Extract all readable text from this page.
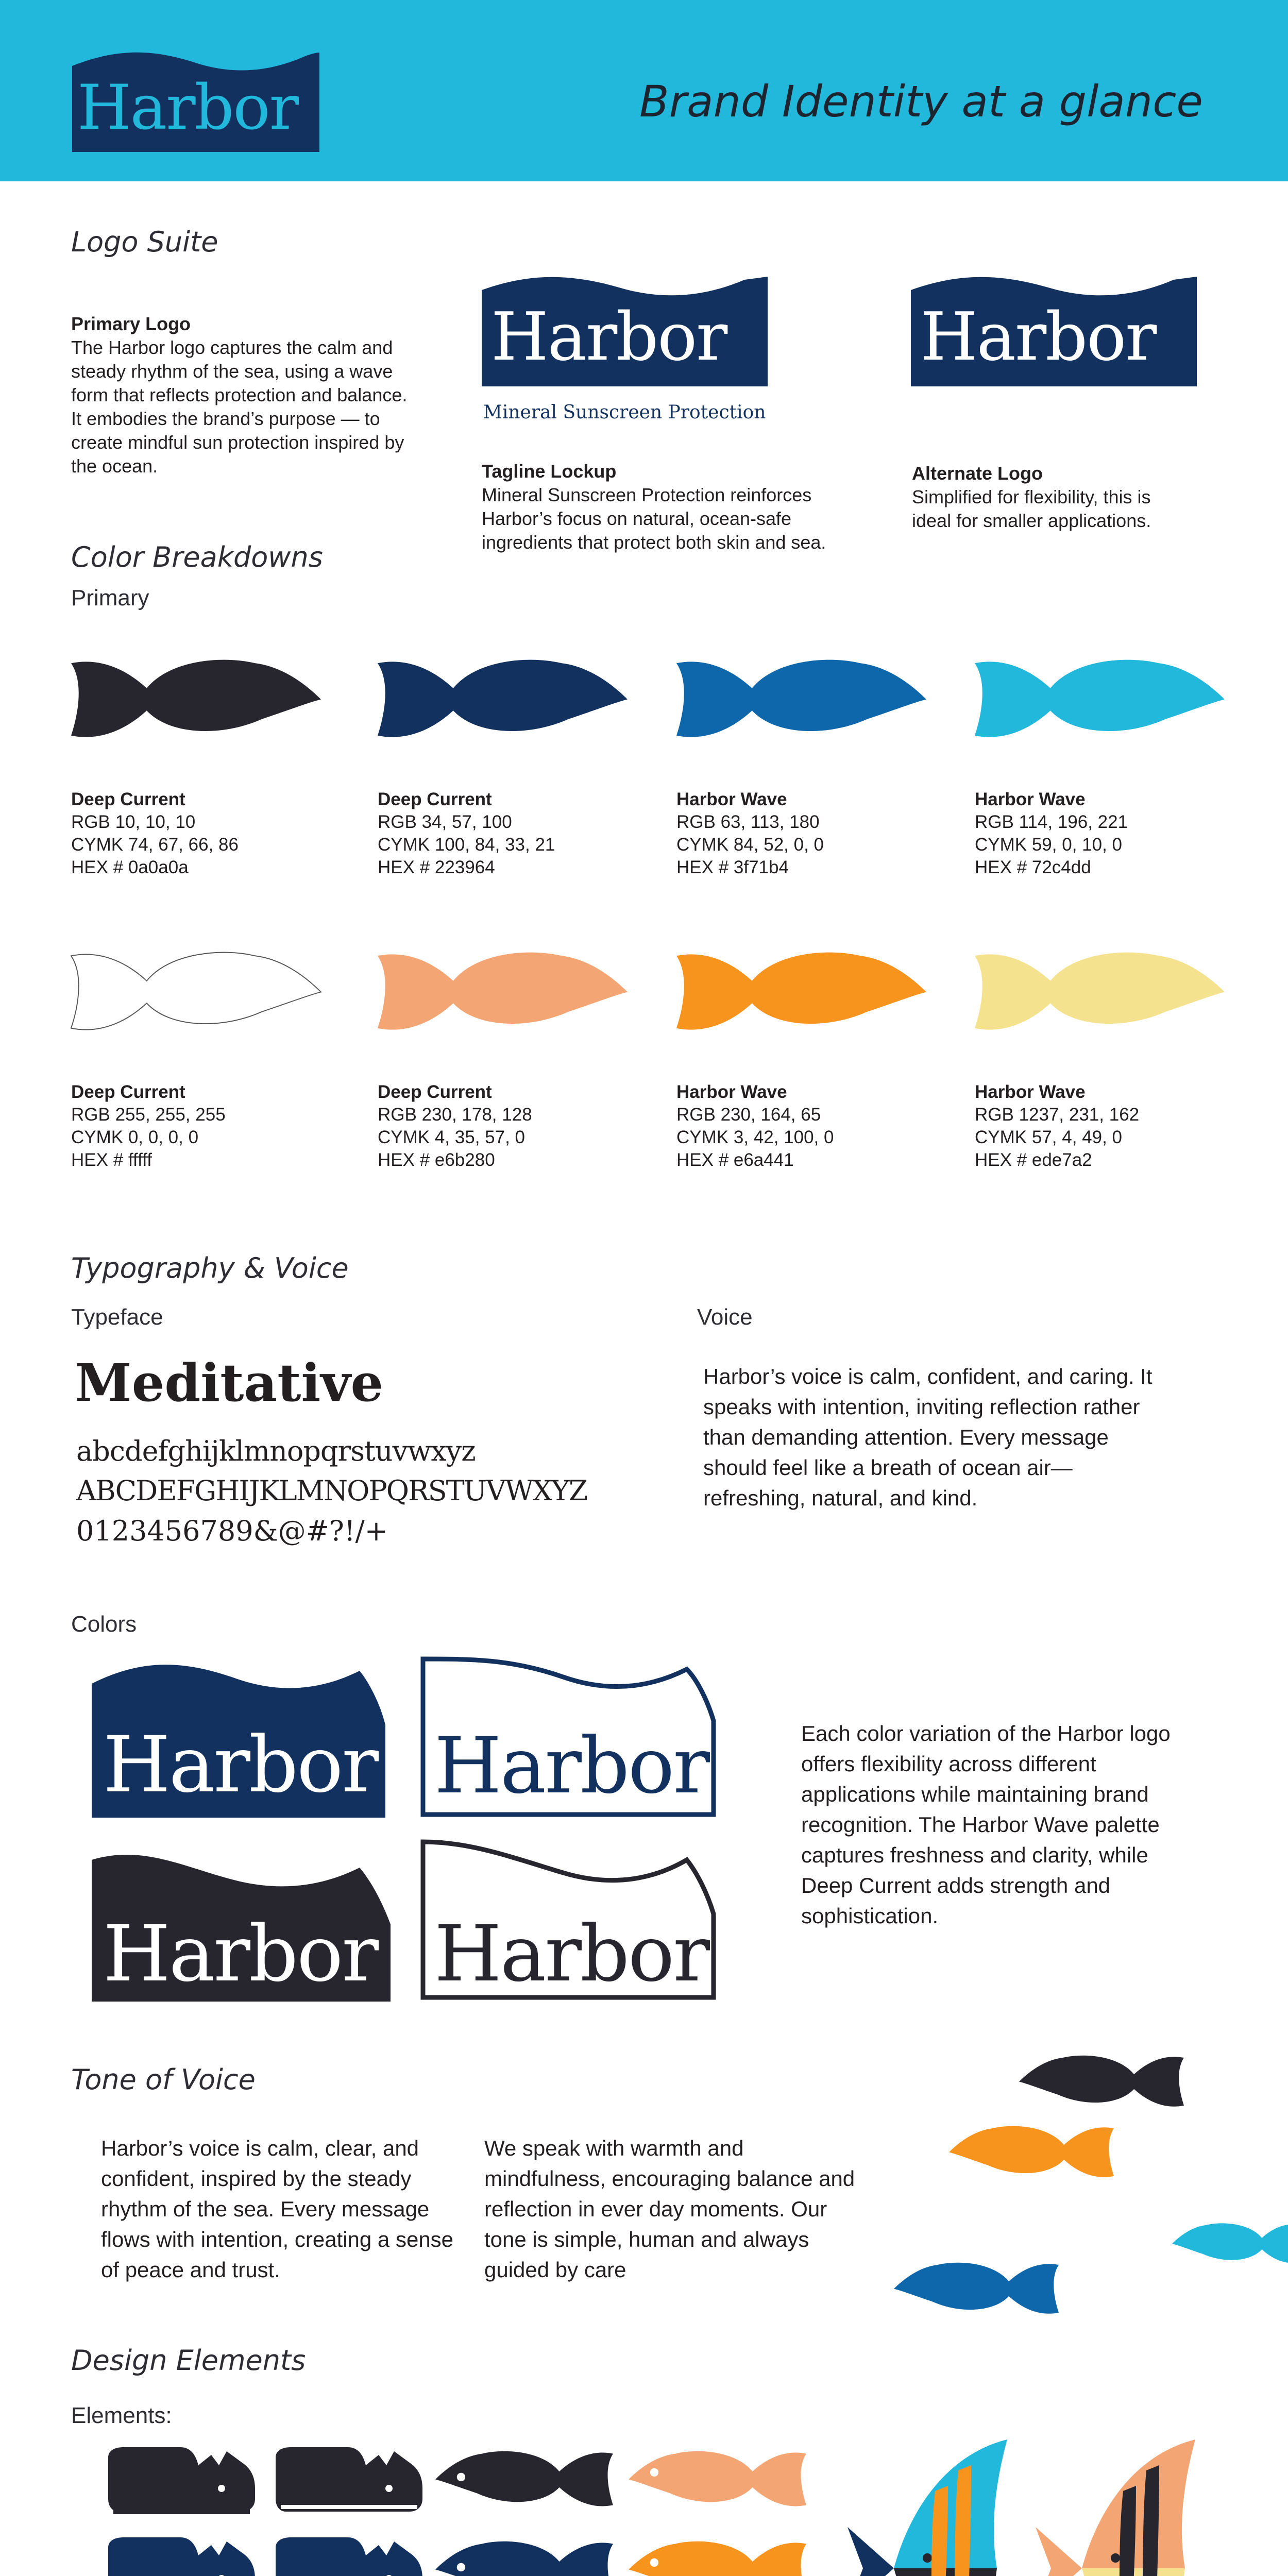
Harbor	Brand Identity at a glance
Logo Suite
Primary Logo
The Harbor logo captures the calm and steady rhythm of the sea, using a wave form that reflects protection and balance. It embodies the brand’s purpose — to create mindful sun protection inspired by the ocean.
Harbor
Mineral Sunscreen Protection
Tagline Lockup
Mineral Sunscreen Protection reinforces Harbor’s focus on natural, ocean-safe ingredients that protect both skin and sea.
Harbor
Alternate Logo
Simplified for flexibility, this is ideal for smaller applications.
Color Breakdowns
Primary
Deep Current
RGB 10, 10, 10
CYMK 74, 67, 66, 86
HEX # 0a0a0a
Deep Current
RGB 34, 57, 100
CYMK 100, 84, 33, 21
HEX # 223964
Harbor Wave
RGB 63, 113, 180
CYMK 84, 52, 0, 0
HEX # 3f71b4
Harbor Wave
RGB 114, 196, 221
CYMK 59, 0, 10, 0
HEX # 72c4dd
Deep Current
RGB 255, 255, 255
CYMK 0, 0, 0, 0
HEX # fffff
Deep Current
RGB 230, 178, 128
CYMK 4, 35, 57, 0
HEX # e6b280
Harbor Wave
RGB 230, 164, 65
CYMK 3, 42, 100, 0
HEX # e6a441
Harbor Wave
RGB 1237, 231, 162
CYMK 57, 4, 49, 0
HEX # ede7a2
Typography & Voice
Typeface
Meditative
abcdefghijklmnopqrstuvwxyz
ABCDEFGHIJKLMNOPQRSTUVWXYZ
0123456789&@#?!/+
Voice
Harbor’s voice is calm, confident, and caring. It speaks with intention, inviting reflection rather than demanding attention. Every message should feel like a breath of ocean air—refreshing, natural, and kind.
Colors
Harbor Harbor
Harbor Harbor
Each color variation of the Harbor logo offers flexibility across different applications while maintaining brand recognition. The Harbor Wave palette captures freshness and clarity, while Deep Current adds strength and sophistication.
Tone of Voice
Harbor’s voice is calm, clear, and confident, inspired by the steady rhythm of the sea. Every message flows with intention, creating a sense of peace and trust.
We speak with warmth and mindfulness, encouraging balance and reflection in ever day moments. Our tone is simple, human and always guided by care
Design Elements
Elements:
